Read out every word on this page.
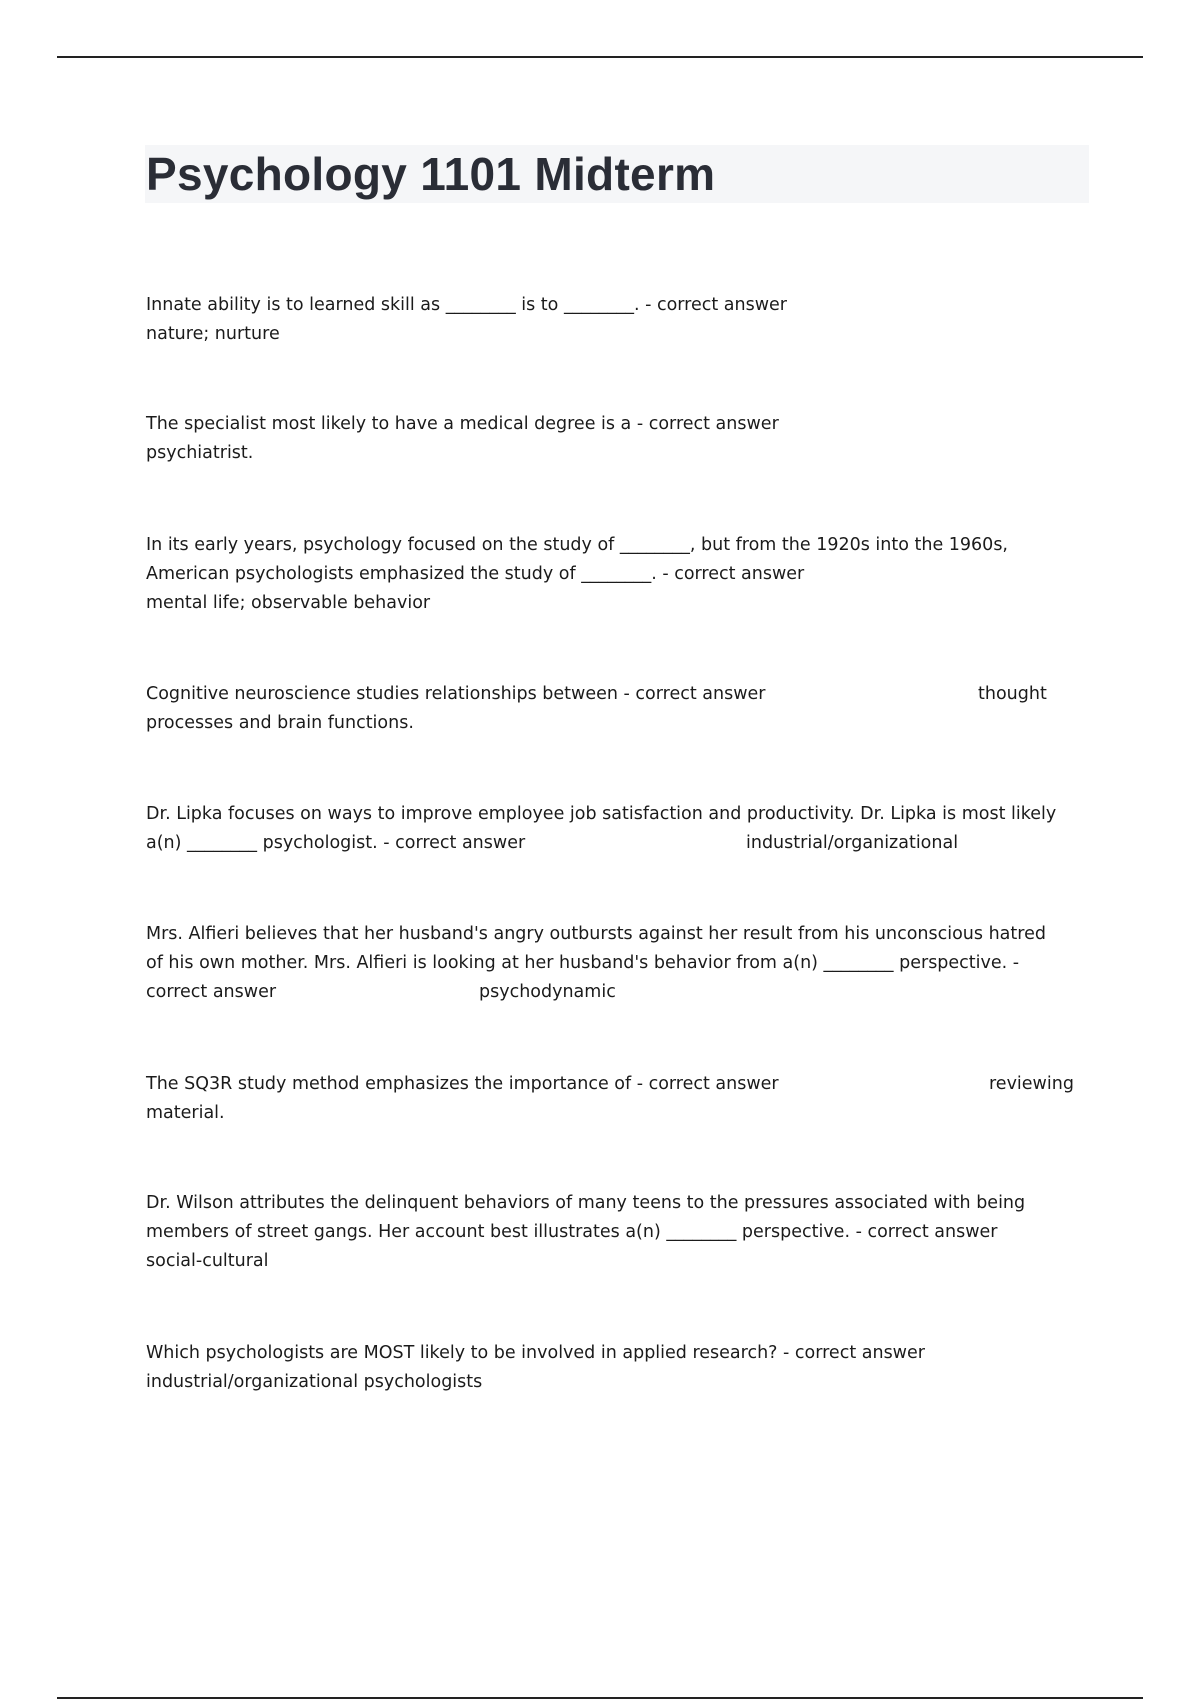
Psychology 1101 Midterm

Innate ability is to learned skill as ________ is to ________. - correct answer

nature; nurture

The specialist most likely to have a medical degree is a - correct answer

psychiatrist.

In its early years, psychology focused on the study of ________, but from the 1920s into the 1960s,

American psychologists emphasized the study of ________. - correct answer

mental life; observable behavior

Cognitive neuroscience studies relationships between - correct answer	thought

processes and brain functions.

Dr. Lipka focuses on ways to improve employee job satisfaction and productivity. Dr. Lipka is most likely

a(n) ________ psychologist. - correct answer	industrial/organizational

Mrs. Alfieri believes that her husband's angry outbursts against her result from his unconscious hatred

of his own mother. Mrs. Alfieri is looking at her husband's behavior from a(n) ________ perspective. -

correct answer	psychodynamic

The SQ3R study method emphasizes the importance of - correct answer	reviewing

material.

Dr. Wilson attributes the delinquent behaviors of many teens to the pressures associated with being

members of street gangs. Her account best illustrates a(n) ________ perspective. - correct answer

social-cultural

Which psychologists are MOST likely to be involved in applied research? - correct answer

industrial/organizational psychologists
